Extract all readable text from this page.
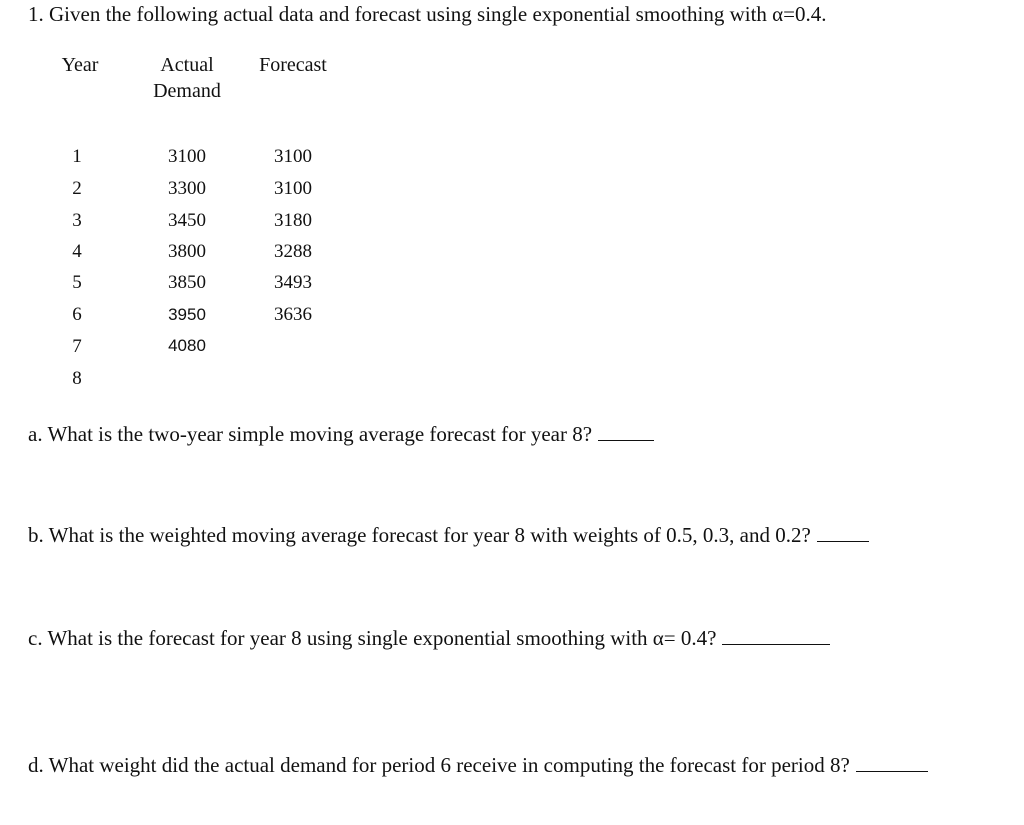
1. Given the following actual data and forecast using single exponential smoothing with α=0.4.
Year	Actual
Demand
Forecast
1
2
3
4
5
6
7
8
3100
3300
3450
3800
3850
3950
4080
3100
3100
3180
3288
3493
3636
a. What is the two-year simple moving average forecast for year 8?
b. What is the weighted moving average forecast for year 8 with weights of 0.5, 0.3, and 0.2?
c. What is the forecast for year 8 using single exponential smoothing with α= 0.4?
d. What weight did the actual demand for period 6 receive in computing the forecast for period 8?
